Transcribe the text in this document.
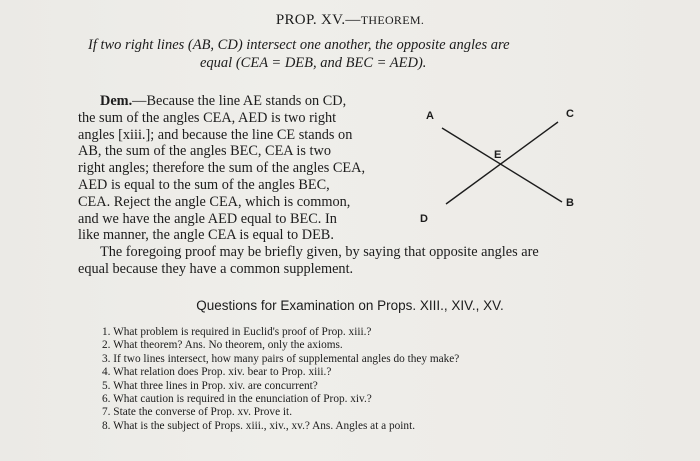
PROP. XV.—THEOREM.
If two right lines (AB, CD) intersect one another, the opposite angles are
equal (CEA = DEB, and BEC = AED).
Dem.—Because the line AE stands on CD,
the sum of the angles CEA, AED is two right
angles [xiii.]; and because the line CE stands on
AB, the sum of the angles BEC, CEA is two
right angles; therefore the sum of the angles CEA,
AED is equal to the sum of the angles BEC,
CEA. Reject the angle CEA, which is common,
and we have the angle AED equal to BEC. In
like manner, the angle CEA is equal to DEB.
A
B
C
D
E
The foregoing proof may be briefly given, by saying that opposite angles are
equal because they have a common supplement.
Questions for Examination on Props. XIII., XIV., XV.
1. What problem is required in Euclid's proof of Prop. xiii.?
2. What theorem? Ans. No theorem, only the axioms.
3. If two lines intersect, how many pairs of supplemental angles do they make?
4. What relation does Prop. xiv. bear to Prop. xiii.?
5. What three lines in Prop. xiv. are concurrent?
6. What caution is required in the enunciation of Prop. xiv.?
7. State the converse of Prop. xv. Prove it.
8. What is the subject of Props. xiii., xiv., xv.? Ans. Angles at a point.
